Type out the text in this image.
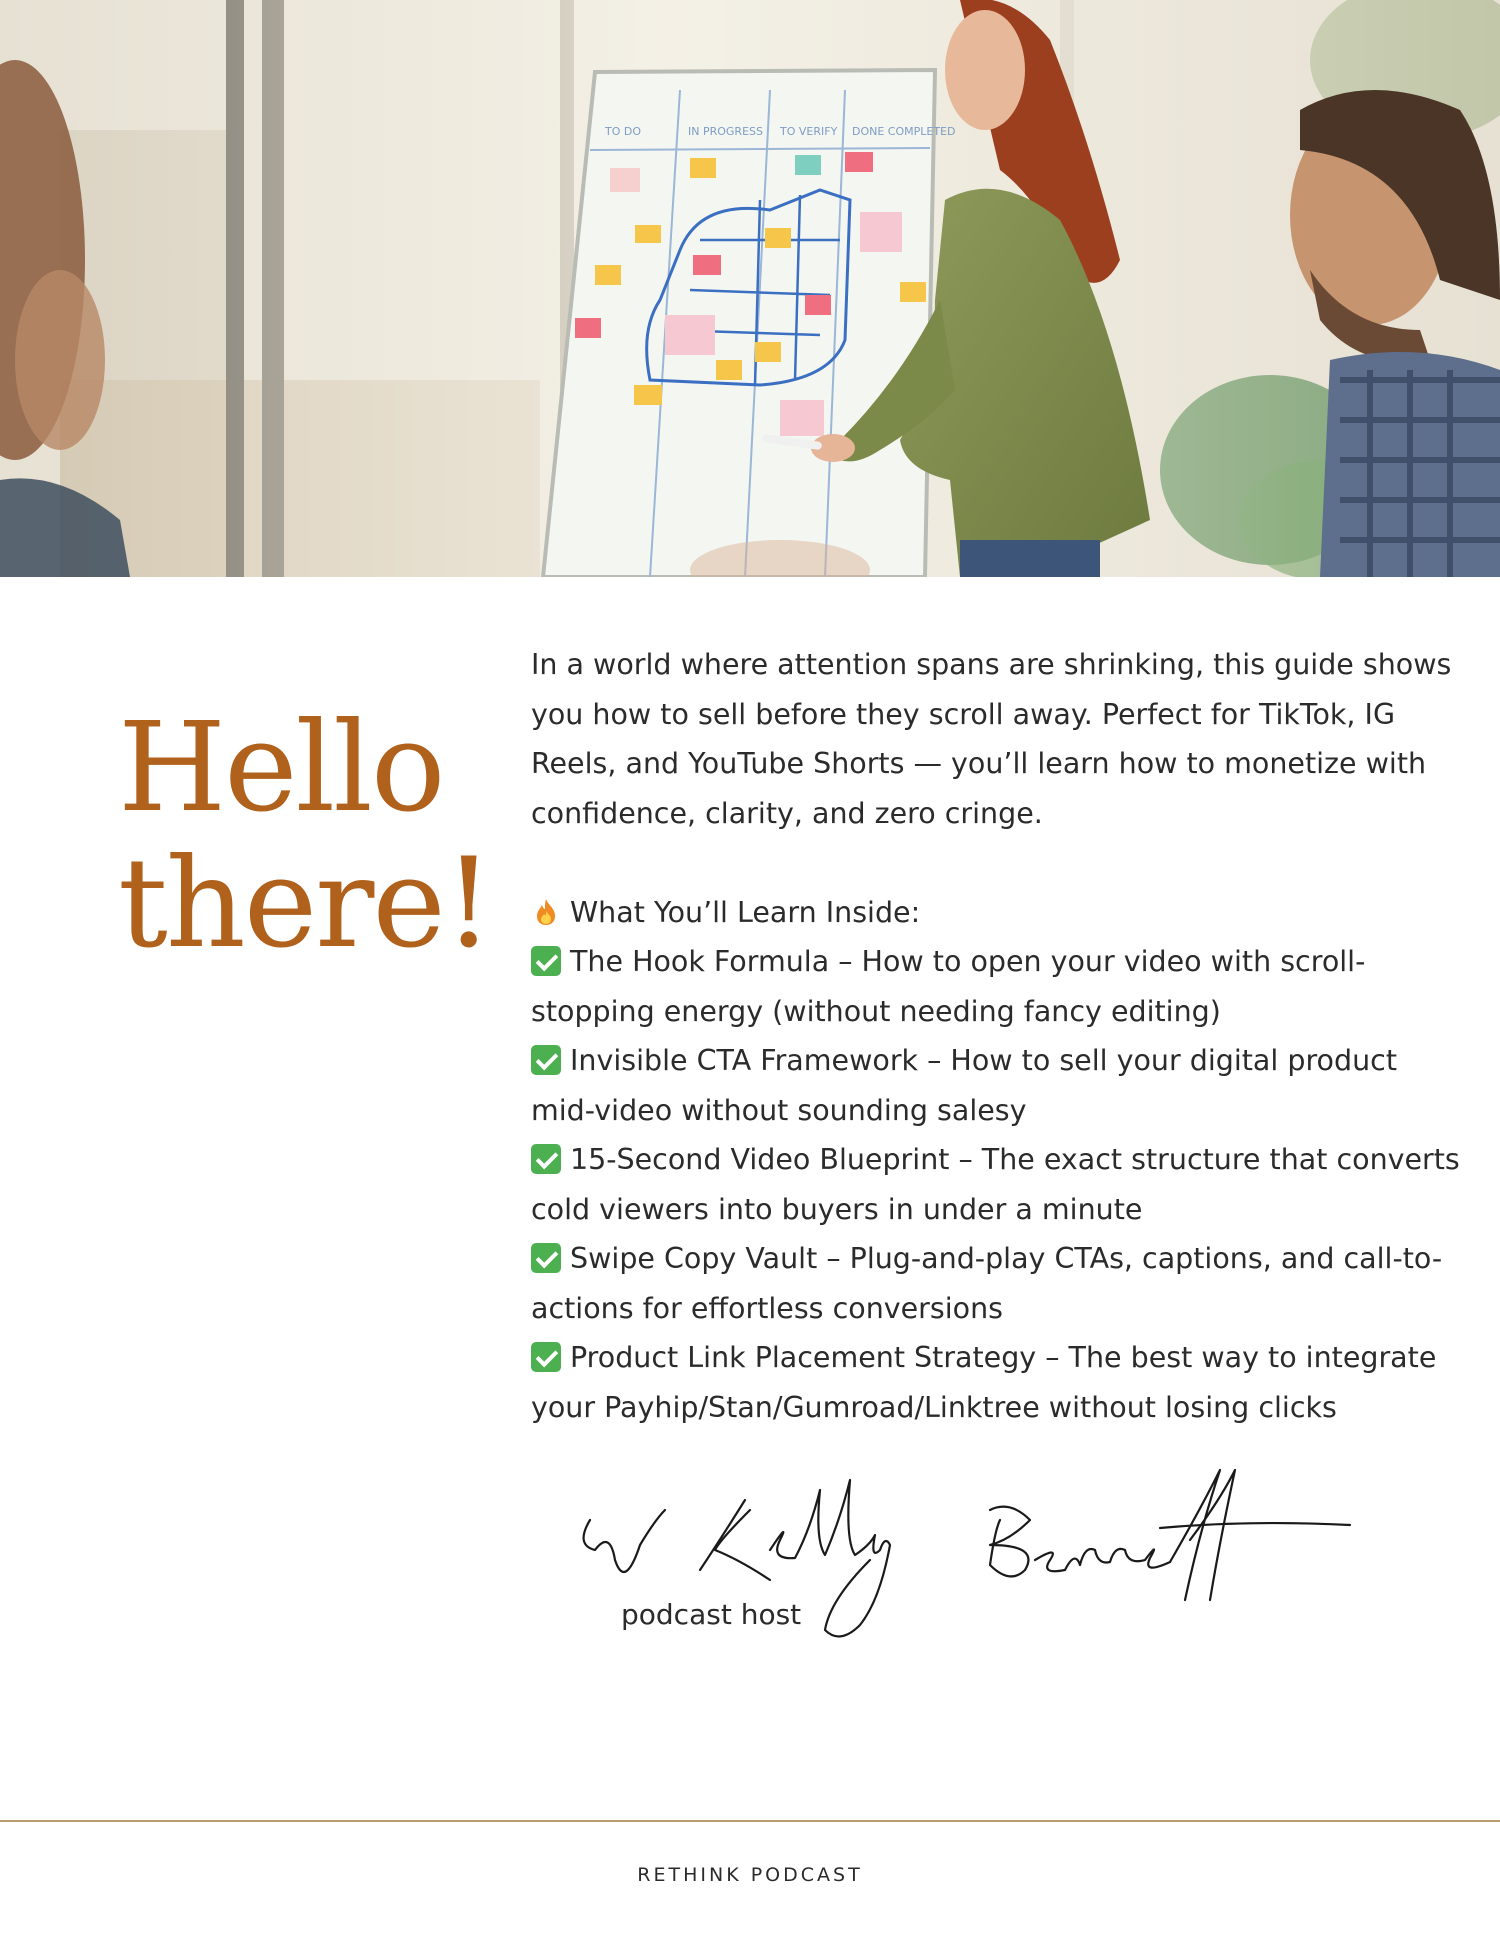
TO DO	IN PROGRESS TO VERIFY DONE COMPLETED
Hello
there!

In a world where attention spans are shrinking, this guide shows you how to sell before they scroll away. Perfect for TikTok, IG Reels, and YouTube Shorts — you’ll learn how to monetize with confidence, clarity, and zero cringe.

What You’ll Learn Inside:

The Hook Formula – How to open your video with scroll-stopping energy (without needing fancy editing)

Invisible CTA Framework – How to sell your digital product mid-video without sounding salesy

15-Second Video Blueprint – The exact structure that converts cold viewers into buyers in under a minute

Swipe Copy Vault – Plug-and-play CTAs, captions, and call-to-actions for effortless conversions

Product Link Placement Strategy – The best way to integrate your Payhip/Stan/Gumroad/Linktree without losing clicks

podcast host
RETHINK PODCAST
